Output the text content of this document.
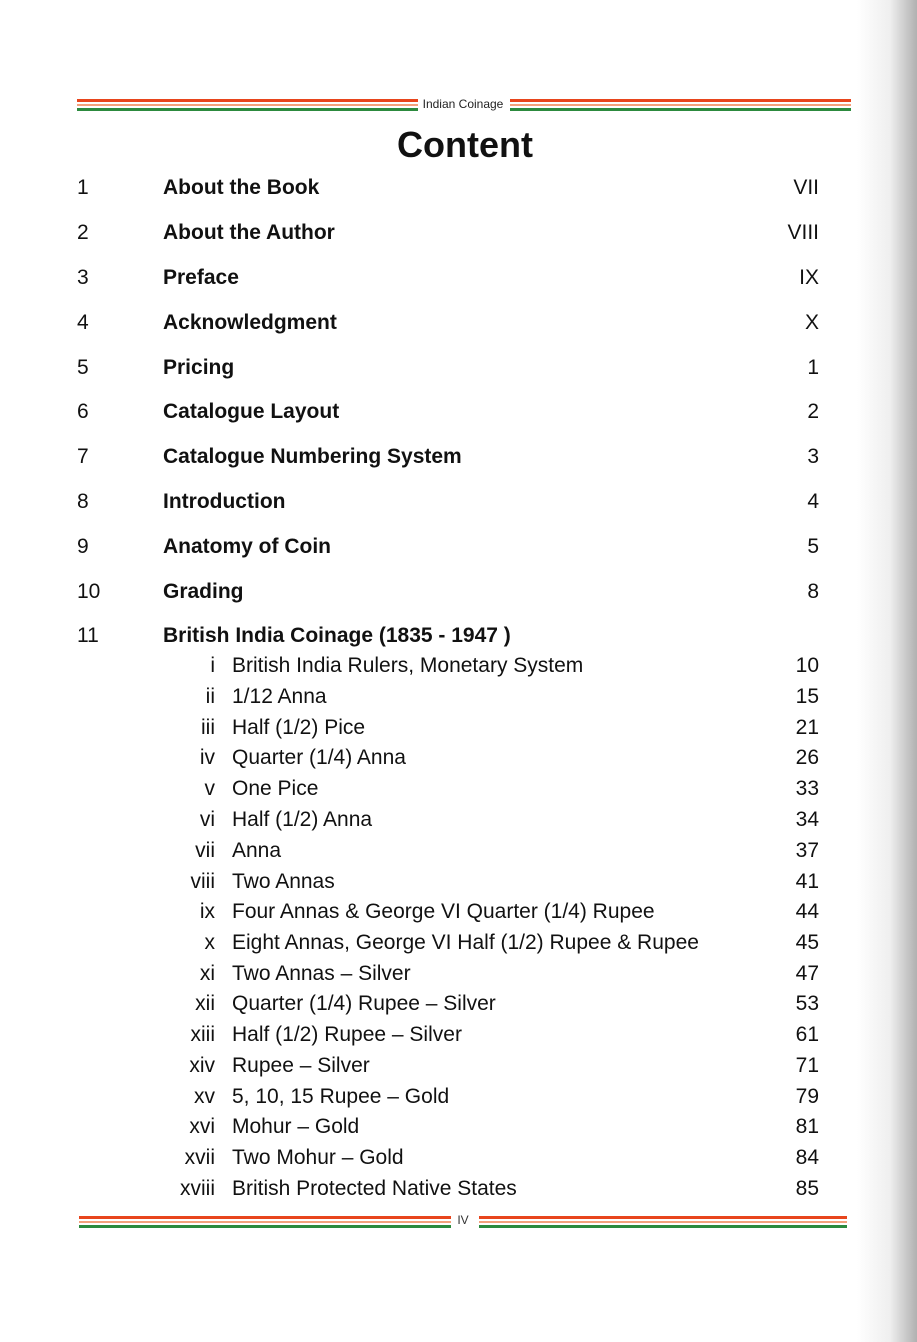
Indian Coinage
Content
1	About the Book	VII
2	About the Author	VIII
3	Preface	IX
4	Acknowledgment	X
5	Pricing	1
6	Catalogue Layout	2
7	Catalogue Numbering System	3
8	Introduction	4
9	Anatomy of Coin	5
10	Grading	8
11	British India Coinage (1835 - 1947 )
i British India Rulers, Monetary System	10
ii 1/12 Anna	15
iii Half (1/2) Pice	21
iv Quarter (1/4) Anna	26
v One Pice	33
vi Half (1/2) Anna	34
vii Anna	37
viii Two Annas	41
ix Four Annas & George VI Quarter (1/4) Rupee	44
x Eight Annas, George VI Half (1/2) Rupee & Rupee	45
xi Two Annas – Silver	47
xii Quarter (1/4) Rupee – Silver	53
xiii Half (1/2) Rupee – Silver	61
xiv Rupee – Silver	71
xv 5, 10, 15 Rupee – Gold	79
xvi Mohur – Gold	81
xvii Two Mohur – Gold	84
xviii British Protected Native States	85
IV
